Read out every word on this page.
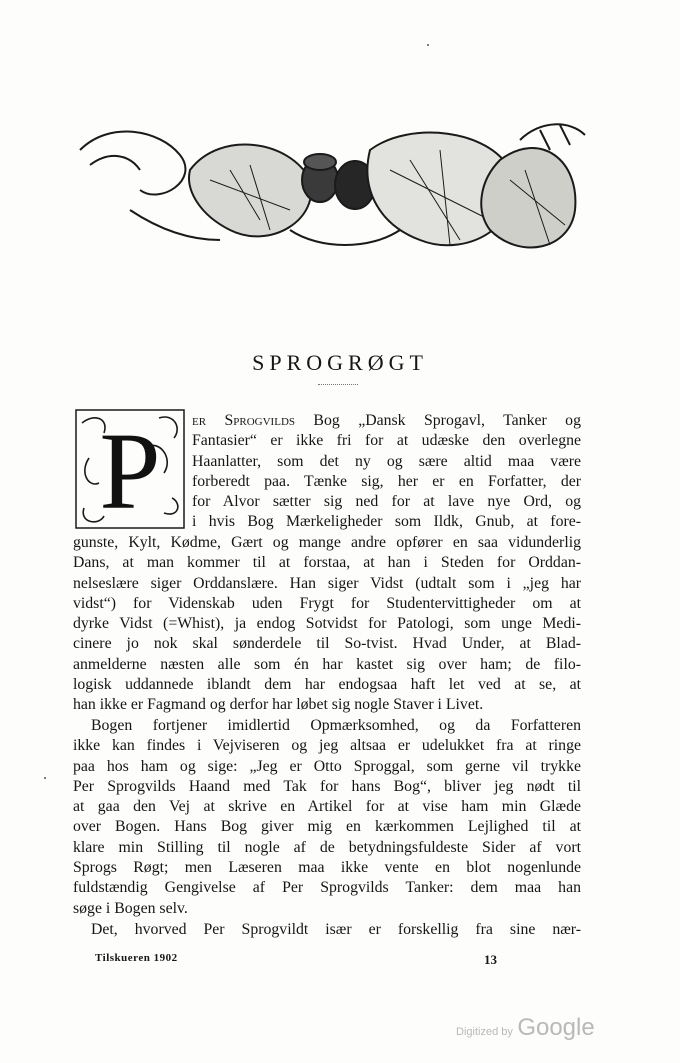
SPROGRØGT
P	er Sprogvilds Bog „Dansk Sprogavl, Tanker og
Fantasier“ er ikke fri for at udæske den overlegne
Haanlatter, som det ny og sære altid maa være
forberedt paa. Tænke sig, her er en Forfatter, der
for Alvor sætter sig ned for at lave nye Ord, og
i hvis Bog Mærkeligheder som Ildk, Gnub, at fore-
gunste, Kylt, Kødme, Gært og mange andre opfører en saa vidunderlig
Dans, at man kommer til at forstaa, at han i Steden for Orddan-
nelseslære siger Orddanslære. Han siger Vidst (udtalt som i „jeg har
vidst“) for Videnskab uden Frygt for Studentervittigheder om at
dyrke Vidst (=Whist), ja endog Sotvidst for Patologi, som unge Medi-
cinere jo nok skal sønderdele til So-tvist. Hvad Under, at Blad-
anmelderne næsten alle som én har kastet sig over ham; de filo-
logisk uddannede iblandt dem har endogsaa haft let ved at se, at
han ikke er Fagmand og derfor har løbet sig nogle Staver i Livet.
Bogen fortjener imidlertid Opmærksomhed, og da Forfatteren
ikke kan findes i Vejviseren og jeg altsaa er udelukket fra at ringe
paa hos ham og sige: „Jeg er Otto Sproggal, som gerne vil trykke
Per Sprogvilds Haand med Tak for hans Bog“, bliver jeg nødt til
at gaa den Vej at skrive en Artikel for at vise ham min Glæde
over Bogen. Hans Bog giver mig en kærkommen Lejlighed til at
klare min Stilling til nogle af de betydningsfuldeste Sider af vort
Sprogs Røgt; men Læseren maa ikke vente en blot nogenlunde
fuldstændig Gengivelse af Per Sprogvilds Tanker: dem maa han
søge i Bogen selv.
Det, hvorved Per Sprogvildt især er forskellig fra sine nær-
Tilskueren 1902	13
Digitized by Google
